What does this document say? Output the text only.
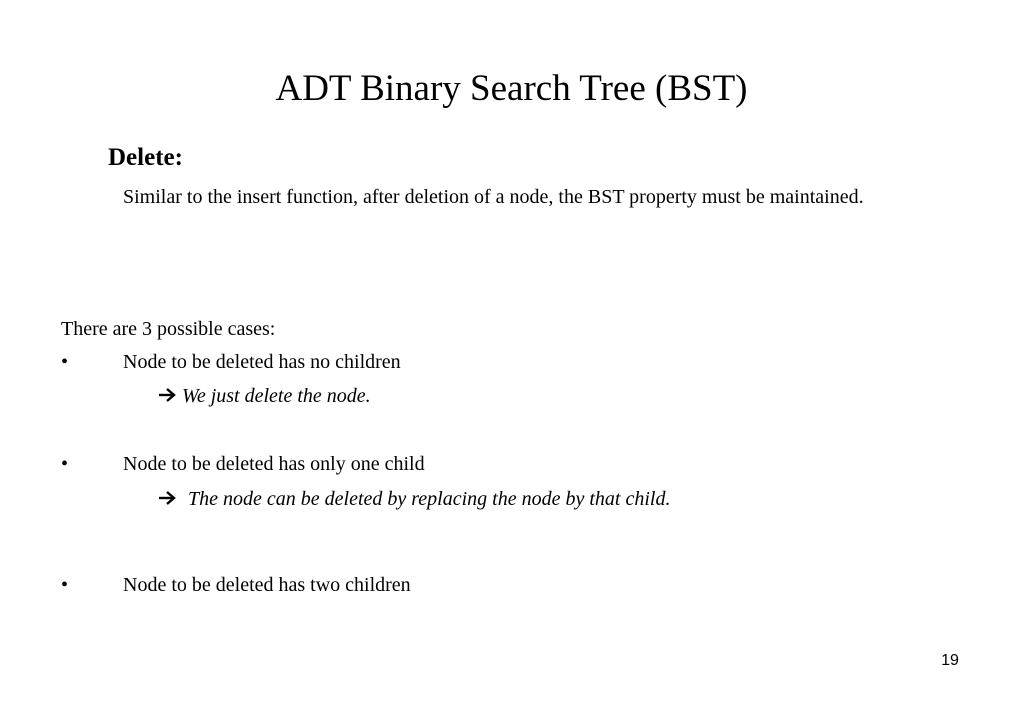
ADT Binary Search Tree (BST)
Delete:
Similar to the insert function, after deletion of a node, the BST property must be maintained.
There are 3 possible cases:
•	Node to be deleted has no children
We just delete the node.
•	Node to be deleted has only one child
The node can be deleted by replacing the node by that child.
•	Node to be deleted has two children
19
